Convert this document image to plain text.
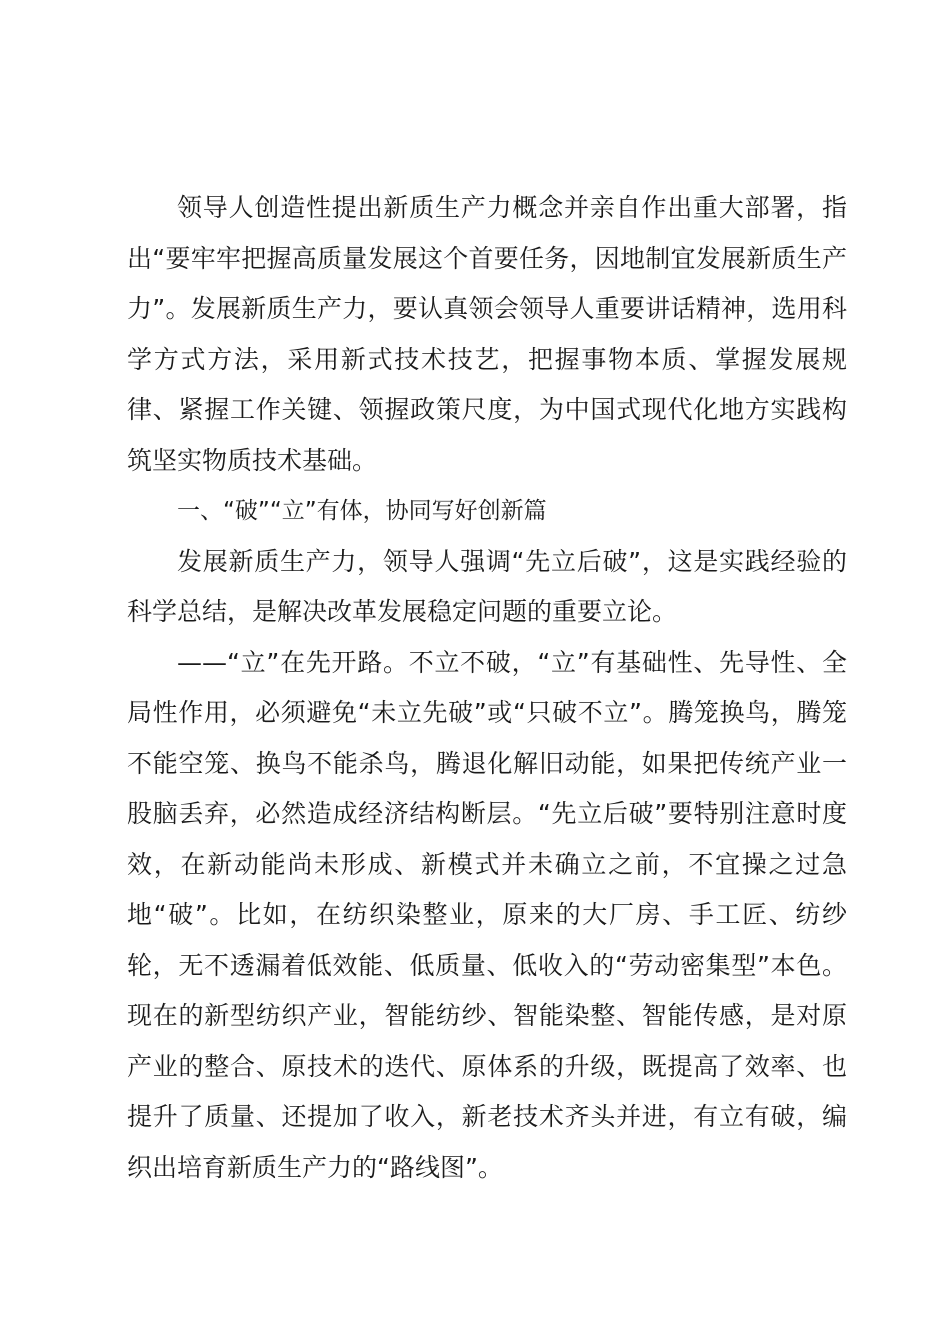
领导人创造性提出新质生产力概念并亲自作出重大部署，指出“要牢牢把握高质量发展这个首要任务，因地制宜发展新质生产力”。发展新质生产力，要认真领会领导人重要讲话精神，选用科学方式方法，采用新式技术技艺，把握事物本质、掌握发展规律、紧握工作关键、领握政策尺度，为中国式现代化地方实践构筑坚实物质技术基础。

一、“破”“立”有体，协同写好创新篇

发展新质生产力，领导人强调“先立后破”，这是实践经验的科学总结，是解决改革发展稳定问题的重要立论。

——“立”在先开路。不立不破，“立”有基础性、先导性、全局性作用，必须避免“未立先破”或“只破不立”。腾笼换鸟，腾笼不能空笼、换鸟不能杀鸟，腾退化解旧动能，如果把传统产业一股脑丢弃，必然造成经济结构断层。“先立后破”要特别注意时度效，在新动能尚未形成、新模式并未确立之前，不宜操之过急地“破”。比如，在纺织染整业，原来的大厂房、手工匠、纺纱轮，无不透漏着低效能、低质量、低收入的“劳动密集型”本色。现在的新型纺织产业，智能纺纱、智能染整、智能传感，是对原产业的整合、原技术的迭代、原体系的升级，既提高了效率、也提升了质量、还提加了收入，新老技术齐头并进，有立有破，编织出培育新质生产力的“路线图”。
